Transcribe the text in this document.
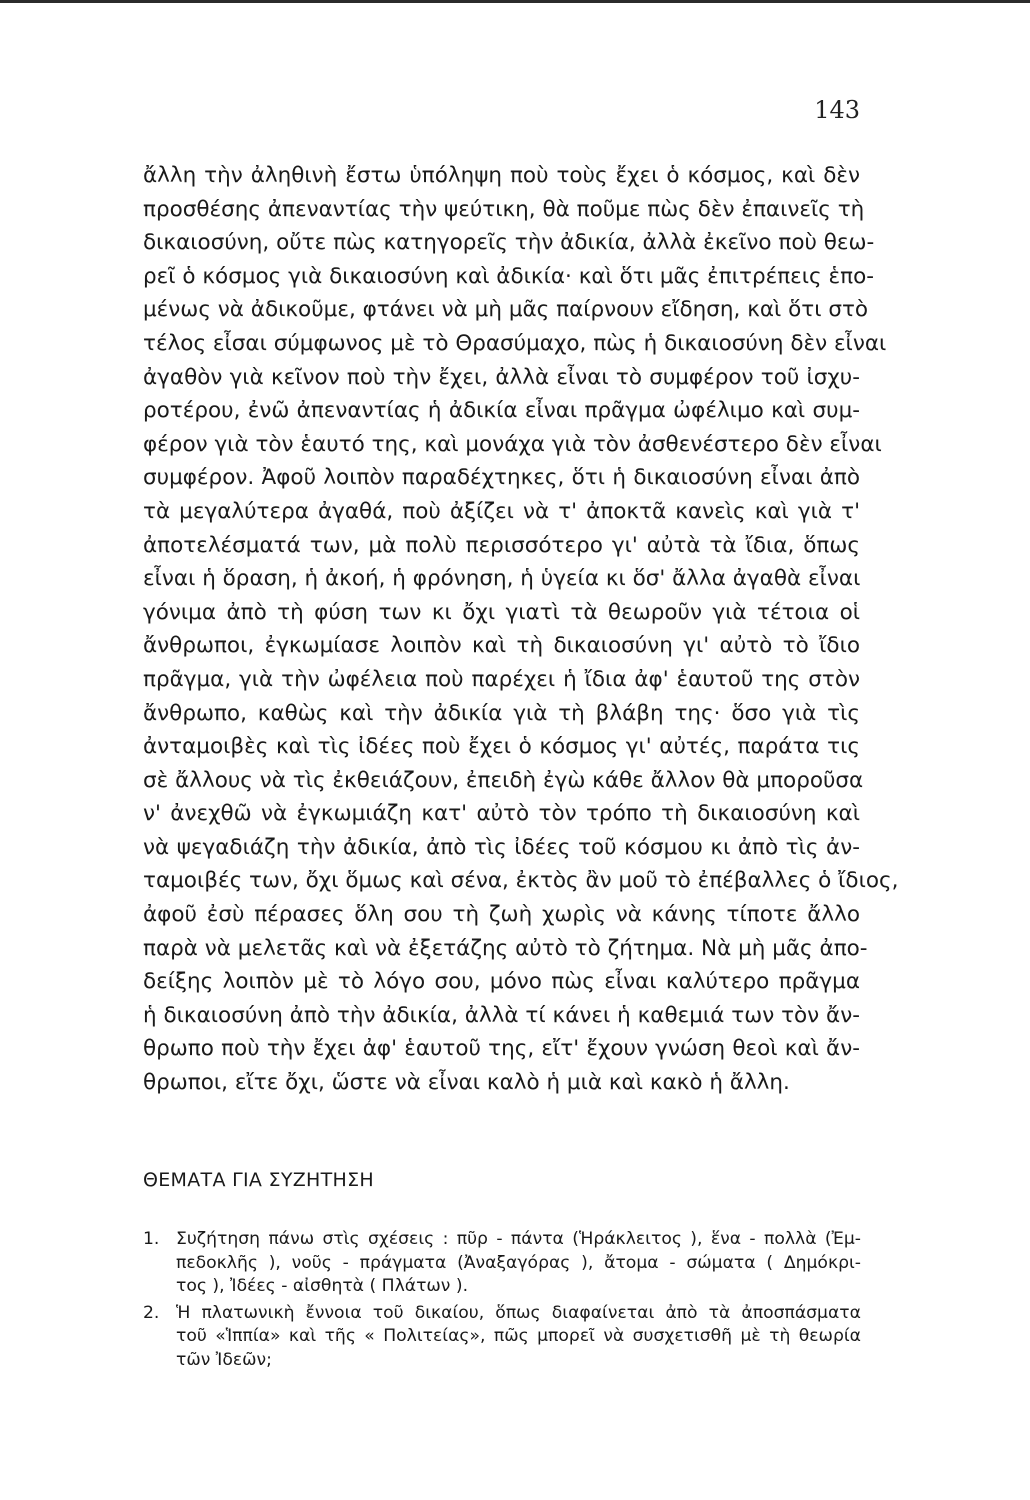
143
ἄλλη τὴν ἀληθινὴ ἔστω ὑπόληψη ποὺ τοὺς ἔχει ὁ κόσμος, καὶ δὲν
προσθέσης ἀπεναντίας τὴν ψεύτικη, θὰ ποῦμε πὼς δὲν ἐπαινεῖς τὴ
δικαιοσύνη, οὔτε πὼς κατηγορεῖς τὴν ἀδικία, ἀλλὰ ἐκεῖνο ποὺ θεω-
ρεῖ ὁ κόσμος γιὰ δικαιοσύνη καὶ ἀδικία· καὶ ὅτι μᾶς ἐπιτρέπεις ἑπο-
μένως νὰ ἀδικοῦμε, φτάνει νὰ μὴ μᾶς παίρνουν εἴδηση, καὶ ὅτι στὸ
τέλος εἶσαι σύμφωνος μὲ τὸ Θρασύμαχο, πὼς ἡ δικαιοσύνη δὲν εἶναι
ἀγαθὸν γιὰ κεῖνον ποὺ τὴν ἔχει, ἀλλὰ εἶναι τὸ συμφέρον τοῦ ἰσχυ-
ροτέρου, ἐνῶ ἀπεναντίας ἡ ἀδικία εἶναι πρᾶγμα ὠφέλιμο καὶ συμ-
φέρον γιὰ τὸν ἑαυτό της, καὶ μονάχα γιὰ τὸν ἀσθενέστερο δὲν εἶναι
συμφέρον. Ἀφοῦ λοιπὸν παραδέχτηκες, ὅτι ἡ δικαιοσύνη εἶναι ἀπὸ
τὰ μεγαλύτερα ἀγαθά, ποὺ ἀξίζει νὰ τ' ἀποκτᾶ κανεὶς καὶ γιὰ τ'
ἀποτελέσματά των, μὰ πολὺ περισσότερο γι' αὐτὰ τὰ ἴδια, ὅπως
εἶναι ἡ ὅραση, ἡ ἀκοή, ἡ φρόνηση, ἡ ὑγεία κι ὅσ' ἄλλα ἀγαθὰ εἶναι
γόνιμα ἀπὸ τὴ φύση των κι ὄχι γιατὶ τὰ θεωροῦν γιὰ τέτοια οἱ
ἄνθρωποι, ἐγκωμίασε λοιπὸν καὶ τὴ δικαιοσύνη γι' αὐτὸ τὸ ἴδιο
πρᾶγμα, γιὰ τὴν ὠφέλεια ποὺ παρέχει ἡ ἴδια ἀφ' ἑαυτοῦ της στὸν
ἄνθρωπο, καθὼς καὶ τὴν ἀδικία γιὰ τὴ βλάβη της· ὅσο γιὰ τὶς
ἀνταμοιβὲς καὶ τὶς ἰδέες ποὺ ἔχει ὁ κόσμος γι' αὐτές, παράτα τις
σὲ ἄλλους νὰ τὶς ἐκθειάζουν, ἐπειδὴ ἐγὼ κάθε ἄλλον θὰ μποροῦσα
ν' ἀνεχθῶ νὰ ἐγκωμιάζη κατ' αὐτὸ τὸν τρόπο τὴ δικαιοσύνη καὶ
νὰ ψεγαδιάζη τὴν ἀδικία, ἀπὸ τὶς ἰδέες τοῦ κόσμου κι ἀπὸ τὶς ἀν-
ταμοιβές των, ὄχι ὅμως καὶ σένα, ἐκτὸς ἂν μοῦ τὸ ἐπέβαλλες ὁ ἴδιος,
ἀφοῦ ἐσὺ πέρασες ὅλη σου τὴ ζωὴ χωρὶς νὰ κάνης τίποτε ἄλλο
παρὰ νὰ μελετᾶς καὶ νὰ ἐξετάζης αὐτὸ τὸ ζήτημα. Νὰ μὴ μᾶς ἀπο-
δείξης λοιπὸν μὲ τὸ λόγο σου, μόνο πὼς εἶναι καλύτερο πρᾶγμα
ἡ δικαιοσύνη ἀπὸ τὴν ἀδικία, ἀλλὰ τί κάνει ἡ καθεμιά των τὸν ἄν-
θρωπο ποὺ τὴν ἔχει ἀφ' ἑαυτοῦ της, εἴτ' ἔχουν γνώση θεοὶ καὶ ἄν-
θρωποι, εἴτε ὄχι, ὥστε νὰ εἶναι καλὸ ἡ μιὰ καὶ κακὸ ἡ ἄλλη.
ΘΕΜΑΤΑ ΓΙΑ ΣΥΖΗΤΗΣΗ
1. Συζήτηση πάνω στὶς σχέσεις : πῦρ - πάντα (Ἡράκλειτος ), ἕνα - πολλὰ (Ἐμ-
πεδοκλῆς ), νοῦς - πράγματα (Ἀναξαγόρας ), ἄτομα - σώματα ( Δημόκρι-
τος ), Ἰδέες - αἰσθητὰ ( Πλάτων ).
2. Ἡ πλατωνικὴ ἔννοια τοῦ δικαίου, ὅπως διαφαίνεται ἀπὸ τὰ ἀποσπάσματα
τοῦ «Ἱππία» καὶ τῆς « Πολιτείας», πῶς μπορεῖ νὰ συσχετισθῆ μὲ τὴ θεωρία
τῶν Ἰδεῶν;
